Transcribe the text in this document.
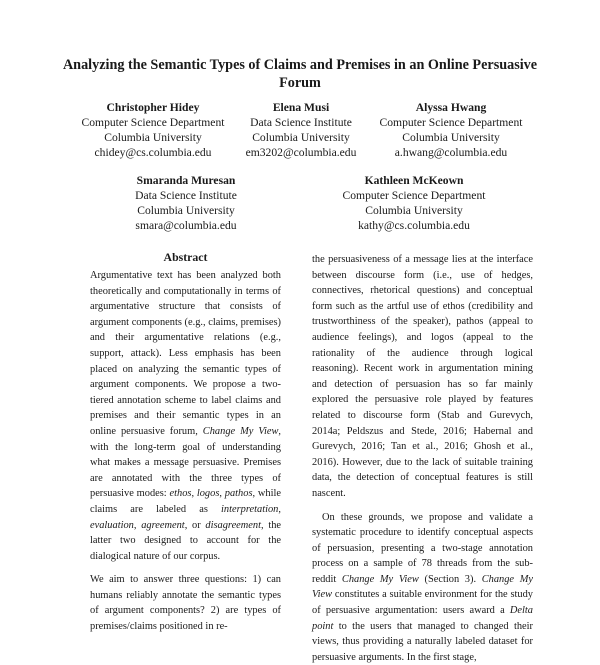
Analyzing the Semantic Types of Claims and Premises in an Online Persuasive Forum
Christopher Hidey
Computer Science Department
Columbia University
chidey@cs.columbia.edu
Elena Musi
Data Science Institute
Columbia University
em3202@columbia.edu
Alyssa Hwang
Computer Science Department
Columbia University
a.hwang@columbia.edu
Smaranda Muresan
Data Science Institute
Columbia University
smara@columbia.edu
Kathleen McKeown
Computer Science Department
Columbia University
kathy@cs.columbia.edu
Abstract

Argumentative text has been analyzed both theoretically and computationally in terms of argumentative structure that consists of argument components (e.g., claims, premises) and their argumentative relations (e.g., support, attack). Less emphasis has been placed on analyzing the semantic types of argument components. We propose a two-tiered annotation scheme to label claims and premises and their semantic types in an online persuasive forum, Change My View, with the long-term goal of understanding what makes a message persuasive. Premises are annotated with the three types of persuasive modes: ethos, logos, pathos, while claims are labeled as interpretation, evaluation, agreement, or disagreement, the latter two designed to account for the dialogical nature of our corpus.

We aim to answer three questions: 1) can humans reliably annotate the semantic types of argument components? 2) are types of premises/claims positioned in re-

the persuasiveness of a message lies at the interface between discourse form (i.e., use of hedges, connectives, rhetorical questions) and conceptual form such as the artful use of ethos (credibility and trustworthiness of the speaker), pathos (appeal to audience feelings), and logos (appeal to the rationality of the audience through logical reasoning). Recent work in argumentation mining and detection of persuasion has so far mainly explored the persuasive role played by features related to discourse form (Stab and Gurevych, 2014a; Peldszus and Stede, 2016; Habernal and Gurevych, 2016; Tan et al., 2016; Ghosh et al., 2016). However, due to the lack of suitable training data, the detection of conceptual features is still nascent.

On these grounds, we propose and validate a systematic procedure to identify conceptual aspects of persuasion, presenting a two-stage annotation process on a sample of 78 threads from the sub-reddit Change My View (Section 3). Change My View constitutes a suitable environment for the study of persuasive argumentation: users award a Delta point to the users that managed to changed their views, thus providing a naturally labeled dataset for persuasive arguments. In the first stage,
